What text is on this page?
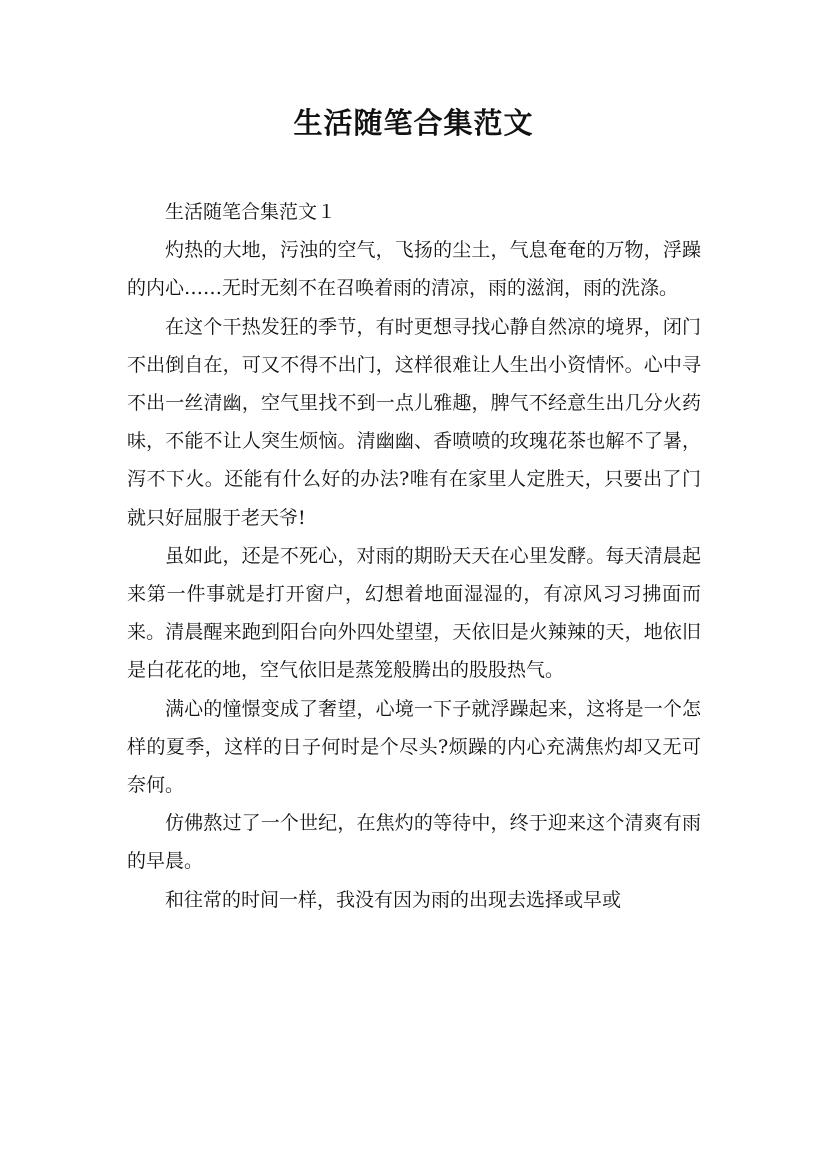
生活随笔合集范文

生活随笔合集范文１

灼热的大地，污浊的空气，飞扬的尘土，气息奄奄的万物，浮躁的内心……无时无刻不在召唤着雨的清凉，雨的滋润，雨的洗涤。

在这个干热发狂的季节，有时更想寻找心静自然凉的境界，闭门不出倒自在，可又不得不出门，这样很难让人生出小资情怀。心中寻不出一丝清幽，空气里找不到一点儿雅趣，脾气不经意生出几分火药味，不能不让人突生烦恼。清幽幽、香喷喷的玫瑰花茶也解不了暑，泻不下火。还能有什么好的办法?唯有在家里人定胜天，只要出了门就只好屈服于老天爷!

虽如此，还是不死心，对雨的期盼天天在心里发酵。每天清晨起来第一件事就是打开窗户，幻想着地面湿湿的，有凉风习习拂面而来。清晨醒来跑到阳台向外四处望望，天依旧是火辣辣的天，地依旧是白花花的地，空气依旧是蒸笼般腾出的股股热气。

满心的憧憬变成了奢望，心境一下子就浮躁起来，这将是一个怎样的夏季，这样的日子何时是个尽头?烦躁的内心充满焦灼却又无可奈何。

仿佛熬过了一个世纪，在焦灼的等待中，终于迎来这个清爽有雨的早晨。

和往常的时间一样，我没有因为雨的出现去选择或早或
